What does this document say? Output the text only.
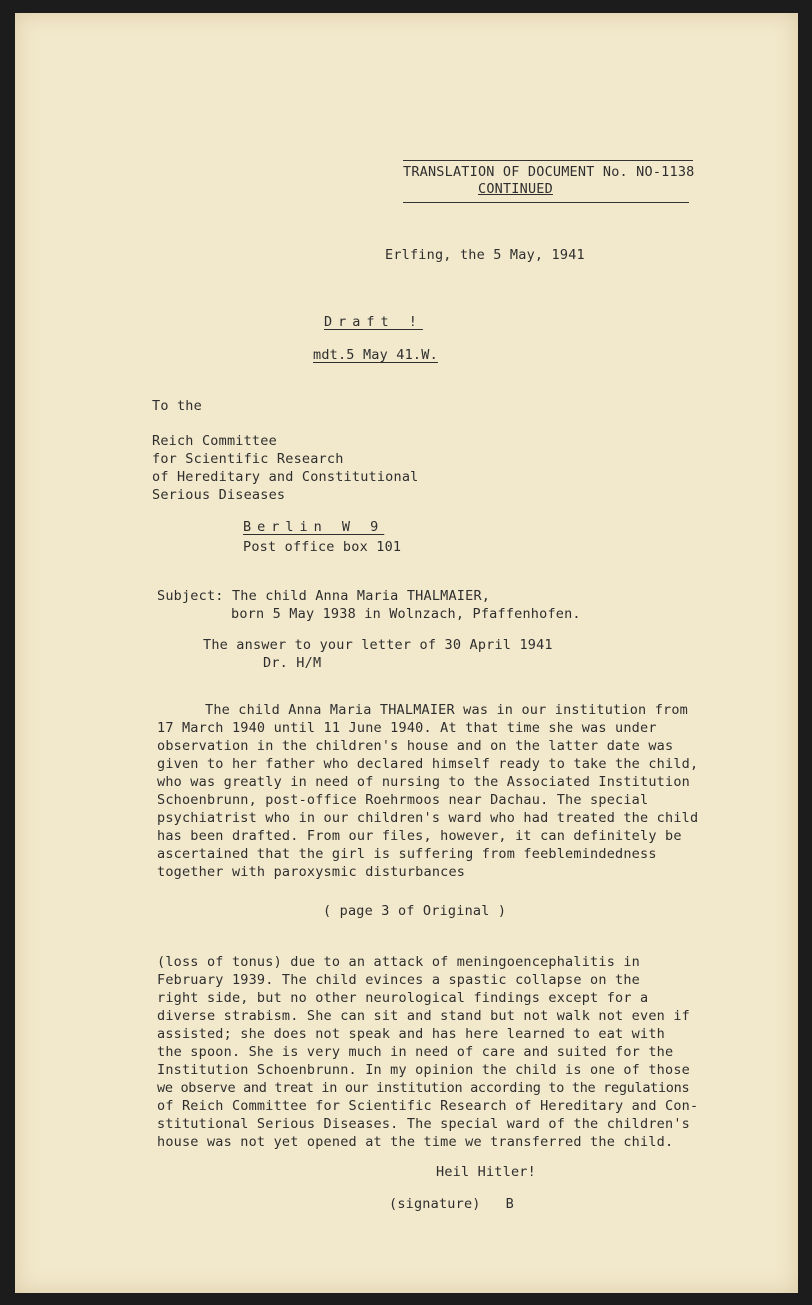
TRANSLATION OF DOCUMENT No. NO-1138
CONTINUED
Erlfing, the 5 May, 1941
Draft !
mdt.5 May 41.W.
To the
Reich Committee
for Scientific Research
of Hereditary and Constitutional
Serious Diseases
Berlin W 9
Post office box 101
Subject: The child Anna Maria THALMAIER,
born 5 May 1938 in Wolnzach, Pfaffenhofen.
The answer to your letter of 30 April 1941
Dr. H/M
The child Anna Maria THALMAIER was in our institution from
17 March 1940 until 11 June 1940. At that time she was under
observation in the children's house and on the latter date was
given to her father who declared himself ready to take the child,
who was greatly in need of nursing to the Associated Institution
Schoenbrunn, post-office Roehrmoos near Dachau. The special
psychiatrist who in our children's ward who had treated the child
has been drafted. From our files, however, it can definitely be
ascertained that the girl is suffering from feeblemindedness
together with paroxysmic disturbances
( page 3 of Original )
(loss of tonus) due to an attack of meningoencephalitis in
February 1939. The child evinces a spastic collapse on the
right side, but no other neurological findings except for a
diverse strabism. She can sit and stand but not walk not even if
assisted; she does not speak and has here learned to eat with
the spoon. She is very much in need of care and suited for the
Institution Schoenbrunn. In my opinion the child is one of those
we observe and treat in our institution according to the regulations
of Reich Committee for Scientific Research of Hereditary and Con-
stitutional Serious Diseases. The special ward of the children's
house was not yet opened at the time we transferred the child.
Heil Hitler!
(signature)   B
